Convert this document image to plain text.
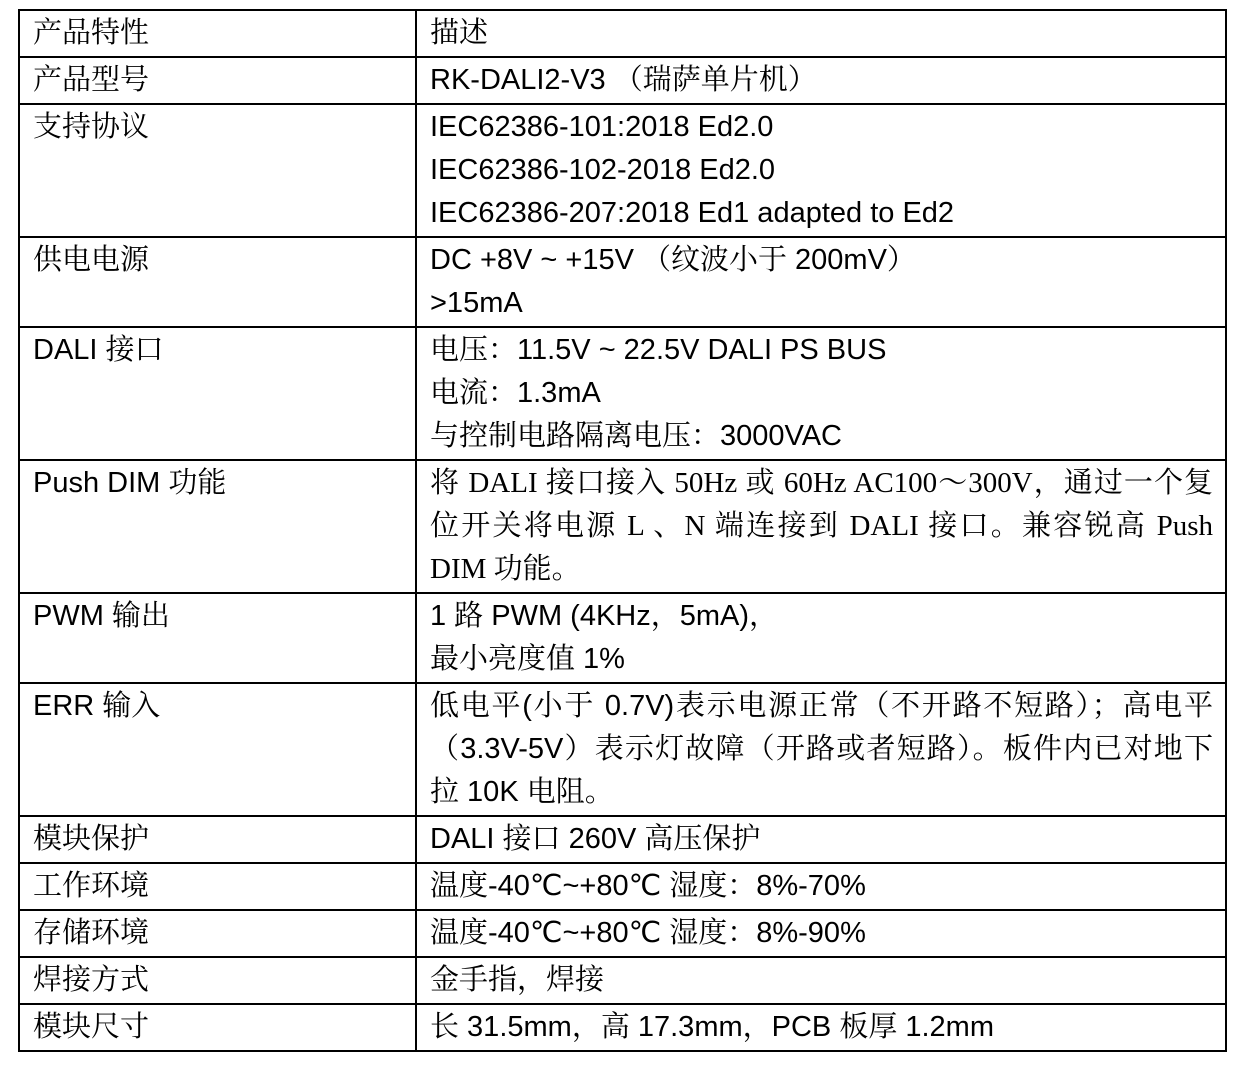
产品特性	描述

产品型号	RK-DALI2-V3 （瑞萨单片机）

支持协议	IEC62386-101:2018 Ed2.0
IEC62386-102-2018 Ed2.0
IEC62386-207:2018 Ed1 adapted to Ed2

供电电源	DC +8V ~ +15V （纹波小于 200mV）
>15mA

DALI 接口	电压：11.5V ~ 22.5V DALI PS BUS
电流：1.3mA
与控制电路隔离电压：3000VAC

Push DIM 功能	将 DALI 接口接入 50Hz 或 60Hz AC100～300V，通过一个复位开关将电源 L 、N 端连接到 DALI 接口。兼容锐高 Push DIM 功能。

PWM 输出	1 路 PWM (4KHz，5mA)，
最小亮度值 1%

ERR 输入	低电平(小于 0.7V)表示电源正常（不开路不短路）；高电平（3.3V-5V）表示灯故障（开路或者短路）。板件内已对地下拉 10K 电阻。

模块保护	DALI 接口 260V 高压保护

工作环境	温度-40℃~+80℃ 湿度：8%-70%

存储环境	温度-40℃~+80℃ 湿度：8%-90%

焊接方式	金手指，焊接

模块尺寸	长 31.5mm，高 17.3mm，PCB 板厚 1.2mm
